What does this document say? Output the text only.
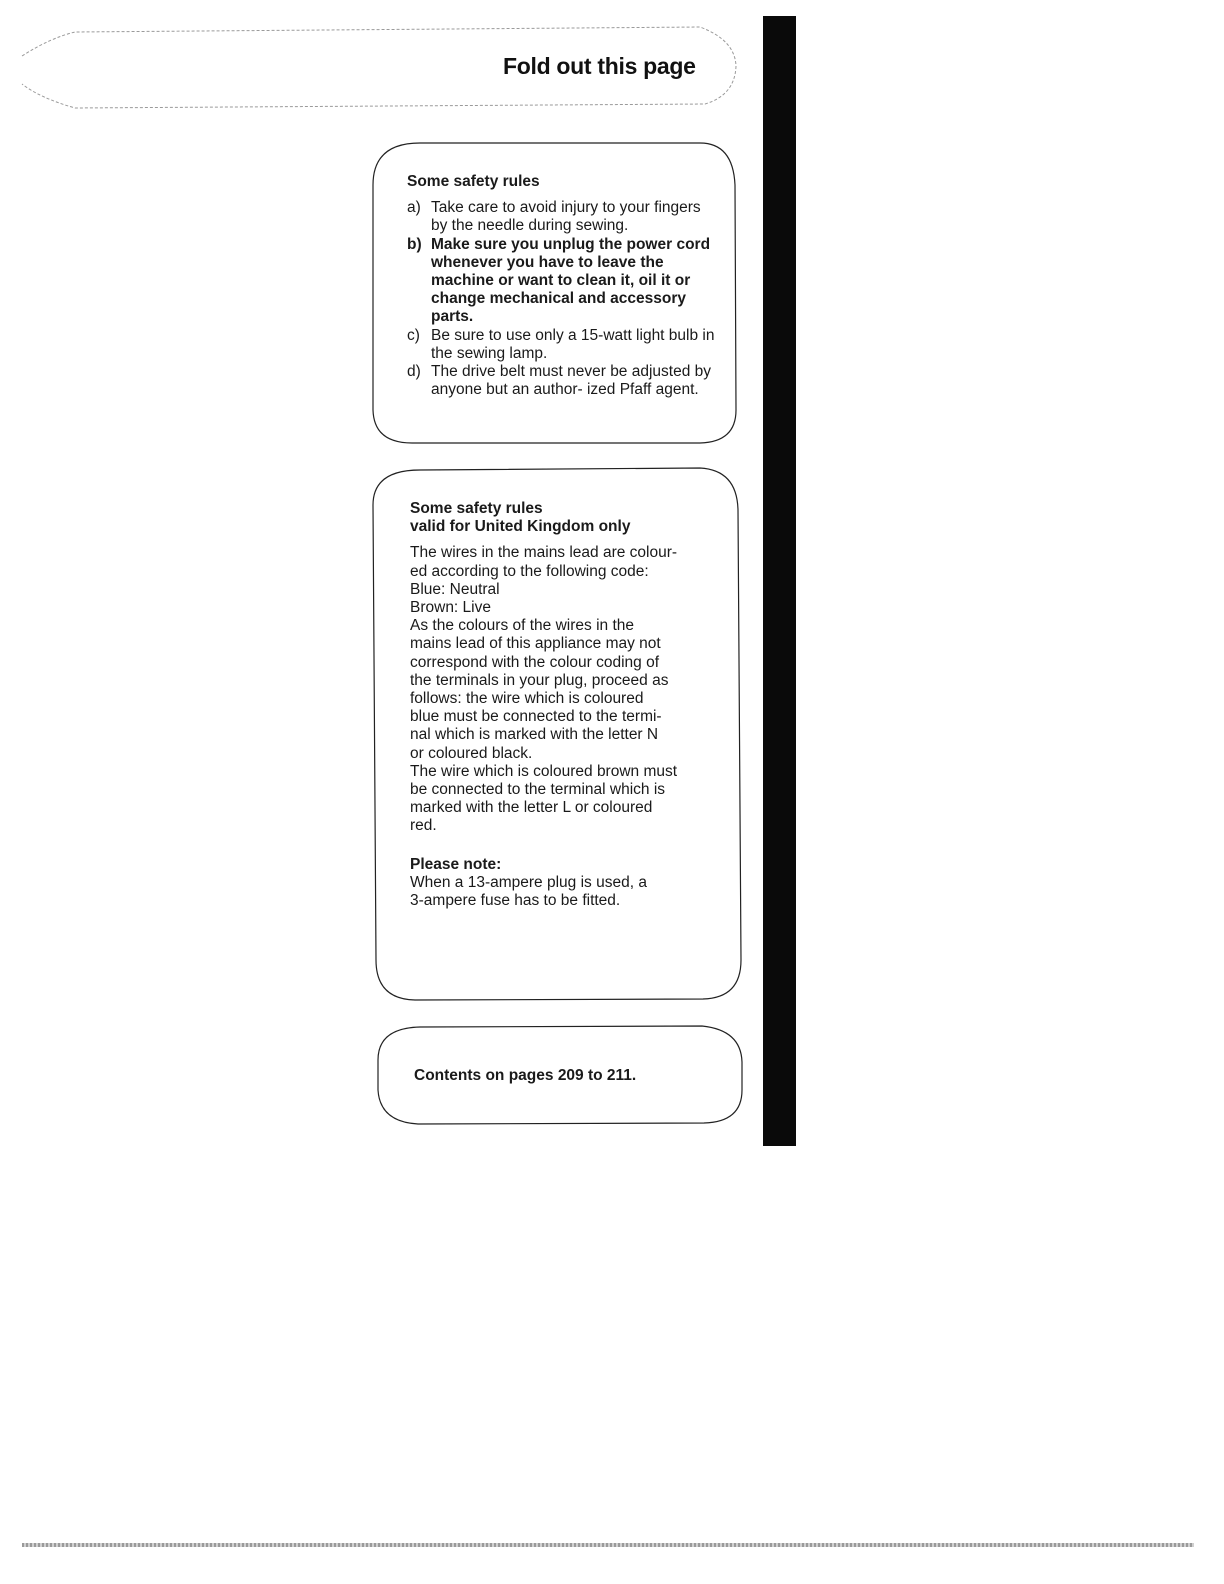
Fold out this page
Some safety rules
a) Take care to avoid injury to your fingers by the needle during sewing.
b) Make sure you unplug the power cord whenever you have to leave the machine or want to clean it, oil it or change mechanical and accessory parts.
c) Be sure to use only a 15-watt light bulb in the sewing lamp.
d) The drive belt must never be adjusted by anyone but an author- ized Pfaff agent.
Some safety rules
valid for United Kingdom only
The wires in the mains lead are colour-
ed according to the following code:
Blue: Neutral
Brown: Live
As the colours of the wires in the
mains lead of this appliance may not
correspond with the colour coding of
the terminals in your plug, proceed as
follows: the wire which is coloured
blue must be connected to the termi-
nal which is marked with the letter N
or coloured black.
The wire which is coloured brown must
be connected to the terminal which is
marked with the letter L or coloured
red.
Please note:
When a 13-ampere plug is used, a
3-ampere fuse has to be fitted.
Contents on pages 209 to 211.
